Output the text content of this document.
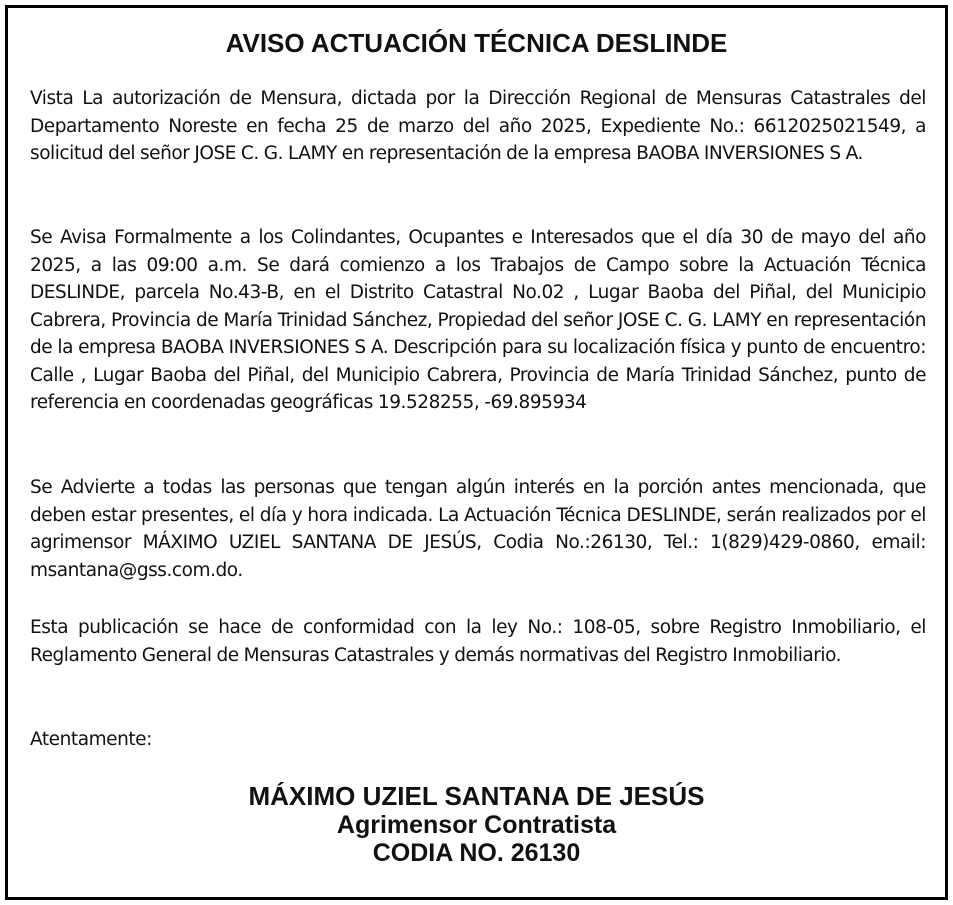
AVISO ACTUACIÓN TÉCNICA DESLINDE

Vista La autorización de Mensura, dictada por la Dirección Regional de Mensuras Catastrales del Departamento Noreste en fecha 25 de marzo del año 2025, Expediente No.: 6612025021549, a solicitud del señor JOSE C. G. LAMY en representación de la empresa BAOBA INVERSIONES S A.

Se Avisa Formalmente a los Colindantes, Ocupantes e Interesados que el día 30 de mayo del año 2025, a las 09:00 a.m. Se dará comienzo a los Trabajos de Campo sobre la Actuación Técnica DESLINDE, parcela No.43-B, en el Distrito Catastral No.02 , Lugar Baoba del Piñal, del Municipio Cabrera, Provincia de María Trinidad Sánchez, Propiedad del señor JOSE C. G. LAMY en representación de la empresa BAOBA INVERSIONES S A. Descripción para su localización física y punto de encuentro: Calle , Lugar Baoba del Piñal, del Municipio Cabrera, Provincia de María Trinidad Sánchez, punto de referencia en coordenadas geográficas 19.528255, -69.895934

Se Advierte a todas las personas que tengan algún interés en la porción antes mencionada, que deben estar presentes, el día y hora indicada. La Actuación Técnica DESLINDE, serán realizados por el agrimensor MÁXIMO UZIEL SANTANA DE JESÚS, Codia No.:26130, Tel.: 1(829)429-0860, email: msantana@gss.com.do.

Esta publicación se hace de conformidad con la ley No.: 108-05, sobre Registro Inmobiliario, el Reglamento General de Mensuras Catastrales y demás normativas del Registro Inmobiliario.

Atentamente:

MÁXIMO UZIEL SANTANA DE JESÚS
Agrimensor Contratista
CODIA NO. 26130
